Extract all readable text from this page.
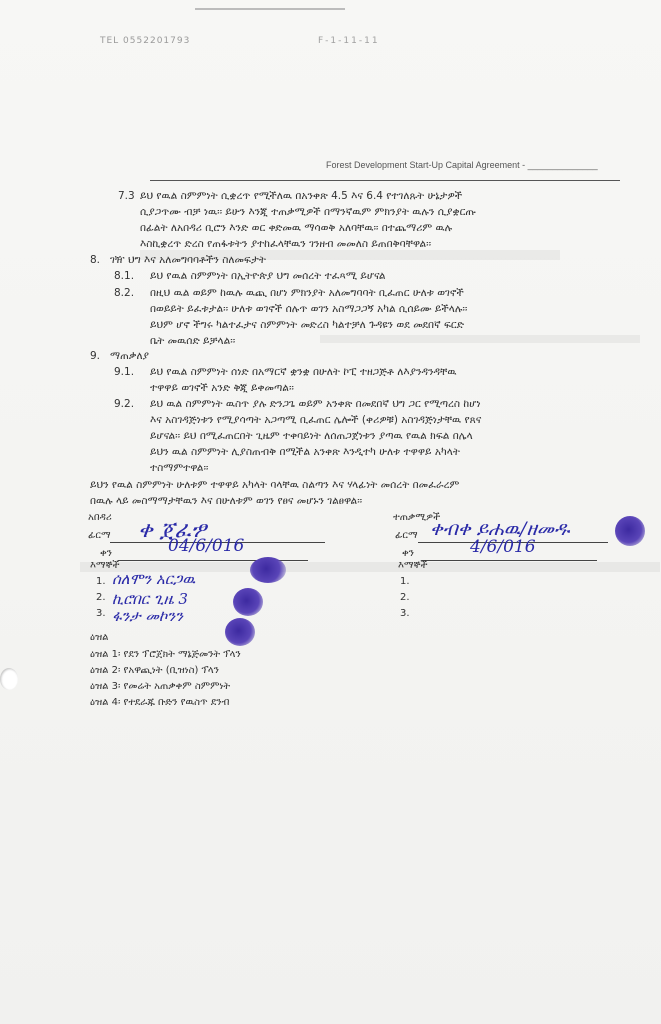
TEL 0552201793	F-1-11-11
Forest Development Start-Up Capital Agreement - ______________
7.3 ይህ የዉል ስምምነት ሲቋረጥ የሚችለዉ በአንቀጽ 4.5 እና 6.4 የተገለጹት ሁኔታዎች
ሲያጋጥሙ ብቻ ነዉ፡፡ ይሁን እንጂ ተጠቃሚዎች በማንኛዉም ምክንያት ዉሉን ሲያቋርጡ
በፊልት ለአበዳሪ ቢሮን እንድ ወር ቀድመዉ ማሳወቅ አለባቸዉ፡፡ በተጨማሪም ዉሉ
እስኪቋረጥ ድረስ የጠፋቱትን ያተከፈላቸዉን ገንዘብ መመለስ ይጠበቅባቸዋል፡፡
8. ገዥ ህግ እና አለመግባባቶችን ስለመፍታት
8.1. ይህ የዉል ስምምነት በኢትዮጵያ ህግ መሰረት ተፈጻሚ ይሆናል
8.2. በዚህ ዉል ወይም ከዉሉ ዉጪ በሆነ ምክንያት አለመግባባት ቢፈጠር ሁለቱ ወገኖች
በወይይት ይፈቱታል፡፡ ሁለቱ ወገኖች ሰሉጥ ወገን አስማጋጋኝ አካል ሲሰይሙ ይችላሉ፡፡
ይህም ሆኖ ችግሩ ካልተፈታና ስምምነት መድረስ ካልተቻለ ጉዳዩን ወደ መደበኛ ፍርድ
ቤት መዉሰድ ይቻላል፡፡
9. ማጠቃለያ
9.1. ይህ የዉል ስምምነት ሰነድ በአማርኛ ቋንቋ በሁለት ኮፒ ተዘጋጅቶ ለእያንዳንዳቸዉ
ተዋዋይ ወገኖች አንድ ቅጂ ይቀመጣል፡፡
9.2. ይህ ዉል ስምምነት ዉስጥ ያሉ ድንጋጌ ወይም አንቀጽ በመደበኛ ህግ ጋር የሚጣረስ ከሆነ
እና አስገዳጅነቱን የሚያሳጣት አጋጣሚ ቢፈጠር ሌሎች (ቀሪዎቹ) አስገዳጅነታቸዉ የጸና
ይሆናል፡፡ ይህ በሚፈጠርበት ጊዜም ተቀባይነት ለሰጠጋጀነቱን ያጣዉ የዉል ክፍል በሌላ
ይህን ዉል ስምምነት ሊያስጠብቅ በሚችል አንቀጽ እንዲተካ ሁለቱ ተዋዋይ አካላት
ተስማምተዋል፡፡
ይህን የዉል ስምምነት ሁለቱም ተዋዋይ አካላት ባላቸዉ ስልጣን እና ሃላፊነት መሰረት በመፈራረም
በዉሉ ላይ መስማማታቸዉን እና በሁለቱም ወገን የፀና መሆኑን ገልፀዋል፡፡
አበዳሪ
ፊርማ
ቀን
ቀ ጀፈፇ
04/6/016
እማኞች
1.
2.
3.
ሰለሞን አርጋዉ
ኪሮበር ጊዜ 3
ፋንታ መኮንን
ተጠቃሚዎች
ፊርማ
ቀን
ቀብቀ ይሐዉ/ዘመዱ
4/6/016
እማኞች
1.
2.
3.
ዕዝል
ዕዝል 1፡ የደን ፕሮጀክት ማኔጅመንት ፕላን
ዕዝል 2፡ የአዋጪነት (ቢዝነስ) ፕላን
ዕዝል 3፡ የመሬት አጠቃቀም ስምምነት
ዕዝል 4፡ የተደራጁ ቡድን የዉስጥ ደንብ
